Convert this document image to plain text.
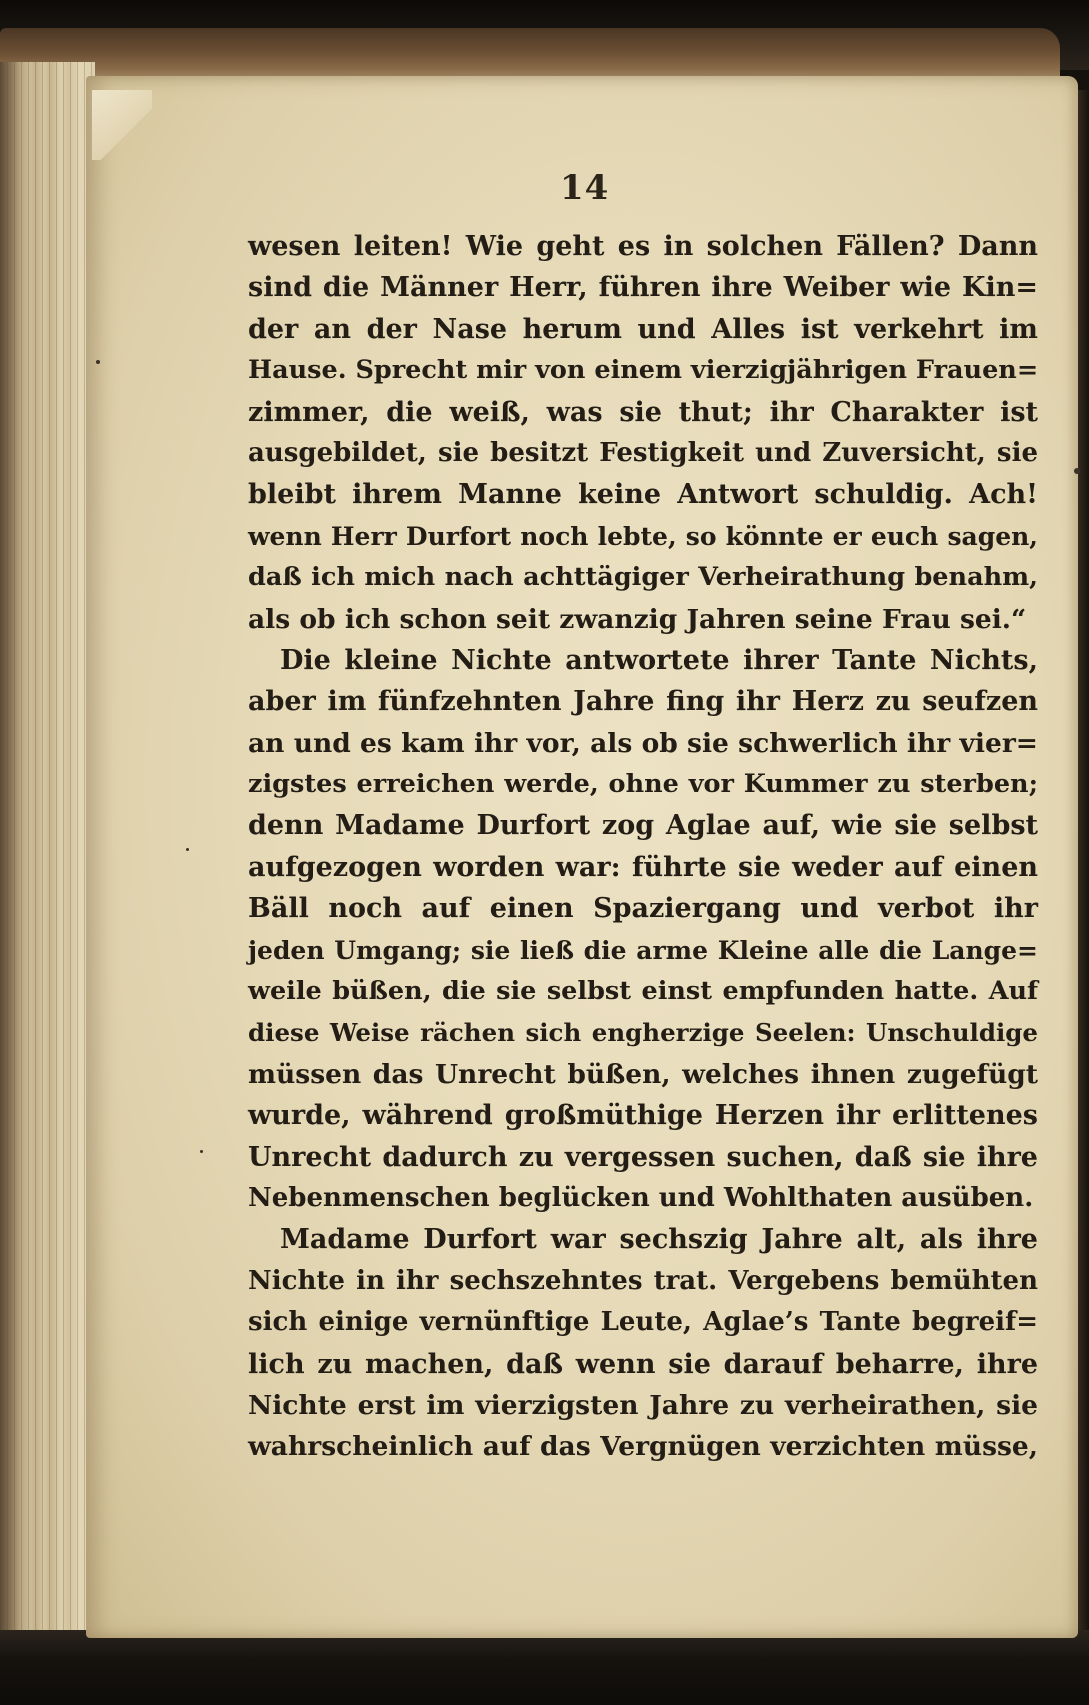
14
wesen leiten! Wie geht es in solchen Fällen? Dann
sind die Männer Herr, führen ihre Weiber wie Kin=
der an der Nase herum und Alles ist verkehrt im
Hause. Sprecht mir von einem vierzigjährigen Frauen=
zimmer, die weiß, was sie thut; ihr Charakter ist
ausgebildet, sie besitzt Festigkeit und Zuversicht, sie
bleibt ihrem Manne keine Antwort schuldig. Ach!
wenn Herr Durfort noch lebte, so könnte er euch sagen,
daß ich mich nach achttägiger Verheirathung benahm,
als ob ich schon seit zwanzig Jahren seine Frau sei.“
Die kleine Nichte antwortete ihrer Tante Nichts,
aber im fünfzehnten Jahre fing ihr Herz zu seufzen
an und es kam ihr vor, als ob sie schwerlich ihr vier=
zigstes erreichen werde, ohne vor Kummer zu sterben;
denn Madame Durfort zog Aglae auf, wie sie selbst
aufgezogen worden war: führte sie weder auf einen
Bäll noch auf einen Spaziergang und verbot ihr
jeden Umgang; sie ließ die arme Kleine alle die Lange=
weile büßen, die sie selbst einst empfunden hatte. Auf
diese Weise rächen sich engherzige Seelen: Unschuldige
müssen das Unrecht büßen, welches ihnen zugefügt
wurde, während großmüthige Herzen ihr erlittenes
Unrecht dadurch zu vergessen suchen, daß sie ihre
Nebenmenschen beglücken und Wohlthaten ausüben.
Madame Durfort war sechszig Jahre alt, als ihre
Nichte in ihr sechszehntes trat. Vergebens bemühten
sich einige vernünftige Leute, Aglae’s Tante begreif=
lich zu machen, daß wenn sie darauf beharre, ihre
Nichte erst im vierzigsten Jahre zu verheirathen, sie
wahrscheinlich auf das Vergnügen verzichten müsse,
